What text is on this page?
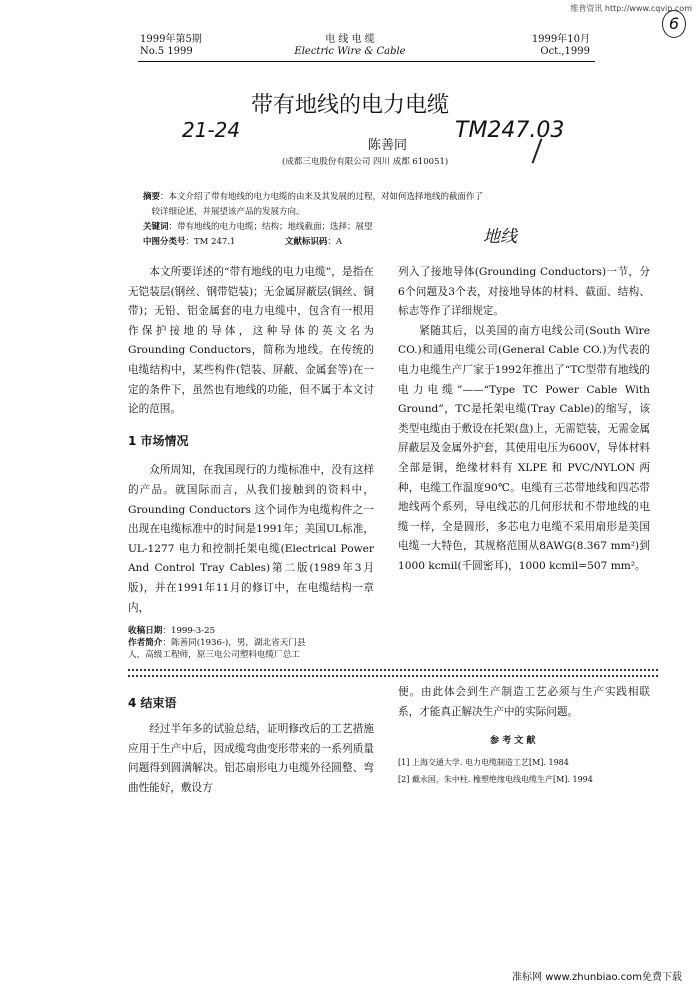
维普资讯 http://www.cqvip.com
6
1999年第5期
No.5 1999
电 线 电 缆
Electric Wire & Cable
1999年10月
Oct.,1999
带有地线的电力电缆
21-24	TM247.03
陈善同
(成都三电股份有限公司 四川 成都 610051)
摘要：本文介绍了带有地线的电力电缆的由来及其发展的过程，对如何选择地线的截面作了
较详细论述，并展望该产品的发展方向。
关键词：带有地线的电力电缆；结构；地线截面；选择；展望
中图分类号：TM 247.1	文献标识码：A	地线

本文所要详述的“带有地线的电力电缆”，是指在无铠装层(钢丝、钢带铠装)；无金属屏蔽层(铜丝、铜带)；无铅、铝金属套的电力电缆中，包含有一根用作保护接地的导体，这种导体的英文名为 Grounding Conductors，简称为地线。在传统的电缆结构中，某些构件(铠装、屏蔽、金属套等)在一定的条件下，虽然也有地线的功能，但不属于本文讨论的范围。

1 市场情况

众所周知，在我国现行的力缆标准中，没有这样的产品。就国际而言，从我们接触到的资料中，Grounding Conductors 这个词作为电缆构件之一出现在电缆标准中的时间是1991年；美国UL标准，UL-1277 电力和控制托架电缆(Electrical Power And Control Tray Cables)第二版(1989年3月版)，并在1991年11月的修订中，在电缆结构一章内，

列入了接地导体(Grounding Conductors)一节，分6个问题及3个表，对接地导体的材料、截面、结构、标志等作了详细规定。

紧随其后，以美国的南方电线公司(South Wire CO.)和通用电缆公司(General Cable CO.)为代表的电力电缆生产厂家于1992年推出了“TC型带有地线的电力电缆”——“Type TC Power Cable With Ground”，TC是托架电缆(Tray Cable)的缩写，该类型电缆由于敷设在托架(盘)上，无需铠装，无需金属屏蔽层及金属外护套，其使用电压为600V，导体材料全部是铜，绝缘材料有 XLPE 和 PVC/NYLON 两种，电缆工作温度90℃。电缆有三芯带地线和四芯带地线两个系列，导电线芯的几何形状和不带地线的电缆一样，全是圆形，多芯电力电缆不采用扇形是美国电缆一大特色，其规格范围从8AWG(8.367 mm²)到1000 kcmil(千圆密耳)，1000 kcmil=507 mm²。

收稿日期：1999-3-25
作者简介：陈善同(1936-)，男，湖北省天门县
人，高级工程师，原三电公司塑料电缆厂总工
4 结束语

经过半年多的试验总结，证明修改后的工艺措施应用于生产中后，因成缆弯曲变形带来的一系列质量问题得到圆满解决。铝芯扇形电力电缆外径圆整、弯曲性能好，敷设方

便。由此体会到生产制造工艺必须与生产实践相联系，才能真正解决生产中的实际问题。

参 考 文 献
[1] 上海交通大学. 电力电缆制造工艺[M]. 1984
[2] 戴永国，朱中柱. 橡塑绝缘电线电缆生产[M]. 1994
准标网 www.zhunbiao.com免费下载
